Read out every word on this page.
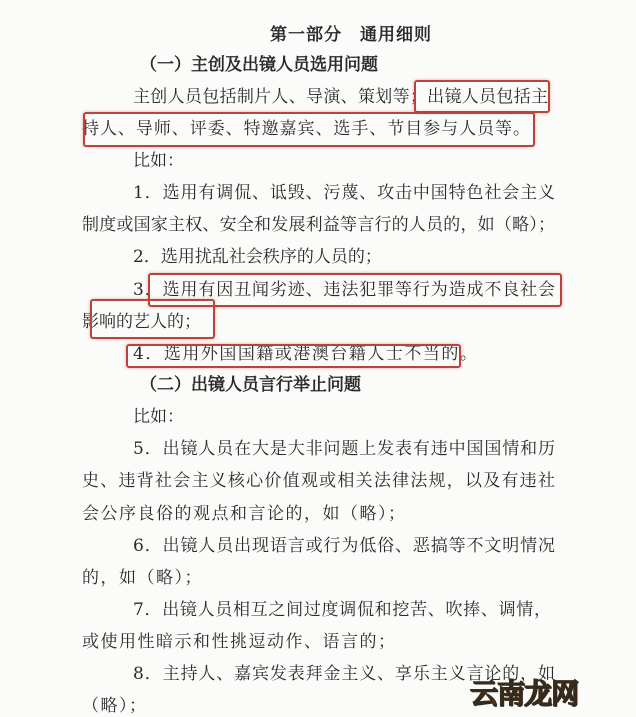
第一部分　通用细则
（一）主创及出镜人员选用问题
主创人员包括制片人、导演、策划等；出镜人员包括主
持人、导师、评委、特邀嘉宾、选手、节目参与人员等。
比如：
1．选用有调侃、诋毁、污蔑、攻击中国特色社会主义
制度或国家主权、安全和发展利益等言行的人员的，如（略）；
2．选用扰乱社会秩序的人员的；
3．选用有因丑闻劣迹、违法犯罪等行为造成不良社会
影响的艺人的；
4．选用外国国籍或港澳台籍人士不当的。
（二）出镜人员言行举止问题
比如：
5．出镜人员在大是大非问题上发表有违中国国情和历
史、违背社会主义核心价值观或相关法律法规，以及有违社
会公序良俗的观点和言论的，如（略）；
6．出镜人员出现语言或行为低俗、恶搞等不文明情况
的，如（略）；
7．出镜人员相互之间过度调侃和挖苦、吹捧、调情，
或使用性暗示和性挑逗动作、语言的；
8．主持人、嘉宾发表拜金主义、享乐主义言论的，如
（略）；	云南龙网
